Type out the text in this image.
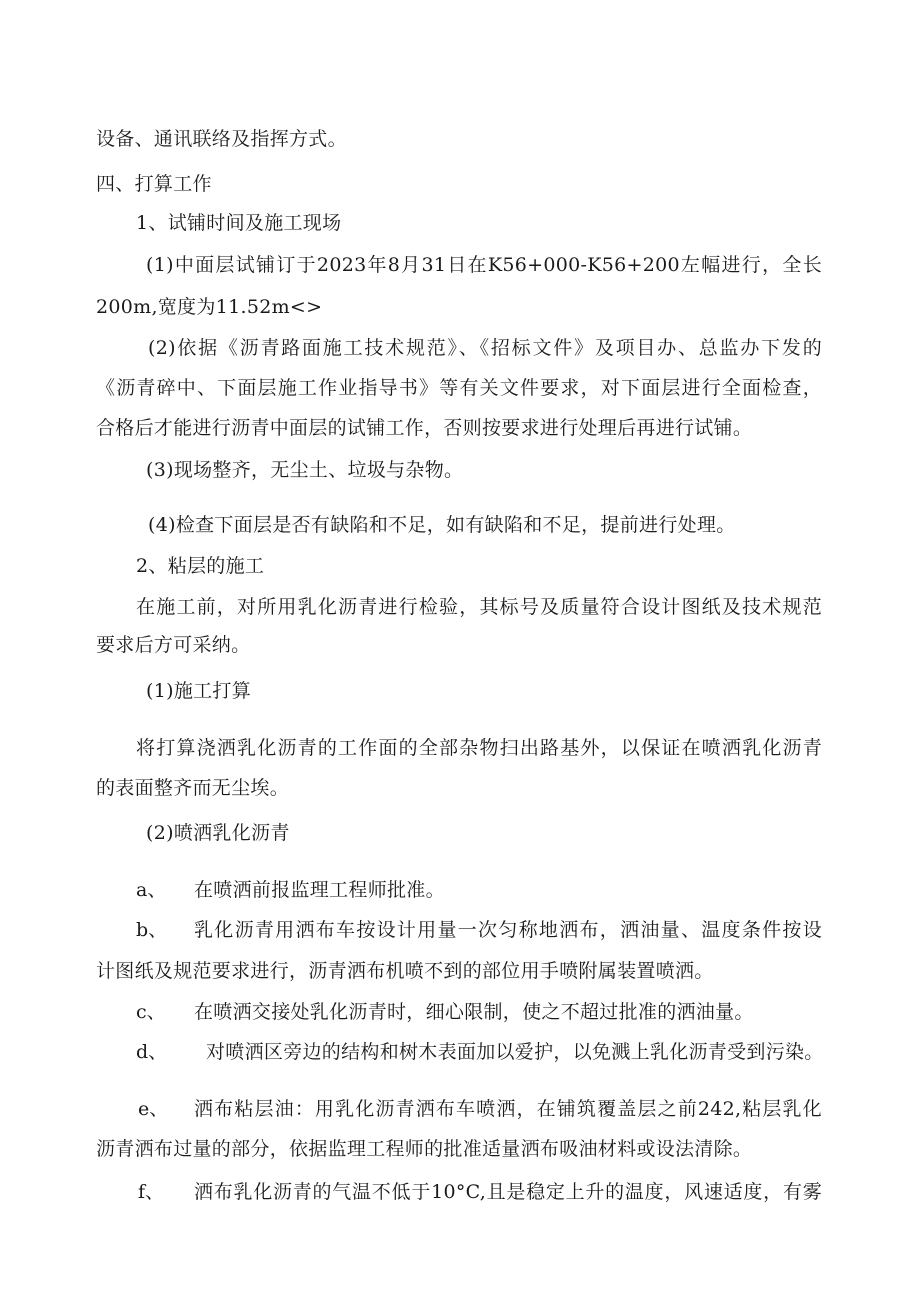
设备、通讯联络及指挥方式。
四、打算工作
1、试铺时间及施工现场
(1)中面层试铺订于2023年8月31日在K56+000-K56+200左幅进行，全长
200m,宽度为11.52m<>
(2)依据《沥青路面施工技术规范》、《招标文件》及项目办、总监办下发的
《沥青碎中、下面层施工作业指导书》等有关文件要求，对下面层进行全面检查，
合格后才能进行沥青中面层的试铺工作，否则按要求进行处理后再进行试铺。
(3)现场整齐，无尘土、垃圾与杂物。
(4)检查下面层是否有缺陷和不足，如有缺陷和不足，提前进行处理。
2、粘层的施工
在施工前，对所用乳化沥青进行检验，其标号及质量符合设计图纸及技术规范
要求后方可采纳。
(1)施工打算
将打算浇洒乳化沥青的工作面的全部杂物扫出路基外，以保证在喷洒乳化沥青
的表面整齐而无尘埃。
(2)喷洒乳化沥青
a、 在喷洒前报监理工程师批准。
b、 乳化沥青用洒布车按设计用量一次匀称地洒布，洒油量、温度条件按设
计图纸及规范要求进行，沥青洒布机喷不到的部位用手喷附属装置喷洒。
c、 在喷洒交接处乳化沥青时，细心限制，使之不超过批准的洒油量。
d、 对喷洒区旁边的结构和树木表面加以爱护，以免溅上乳化沥青受到污染。
e、 洒布粘层油：用乳化沥青洒布车喷洒，在铺筑覆盖层之前242,粘层乳化
沥青洒布过量的部分，依据监理工程师的批准适量洒布吸油材料或设法清除。
f、 洒布乳化沥青的气温不低于10°C,且是稳定上升的温度，风速适度，有雾
